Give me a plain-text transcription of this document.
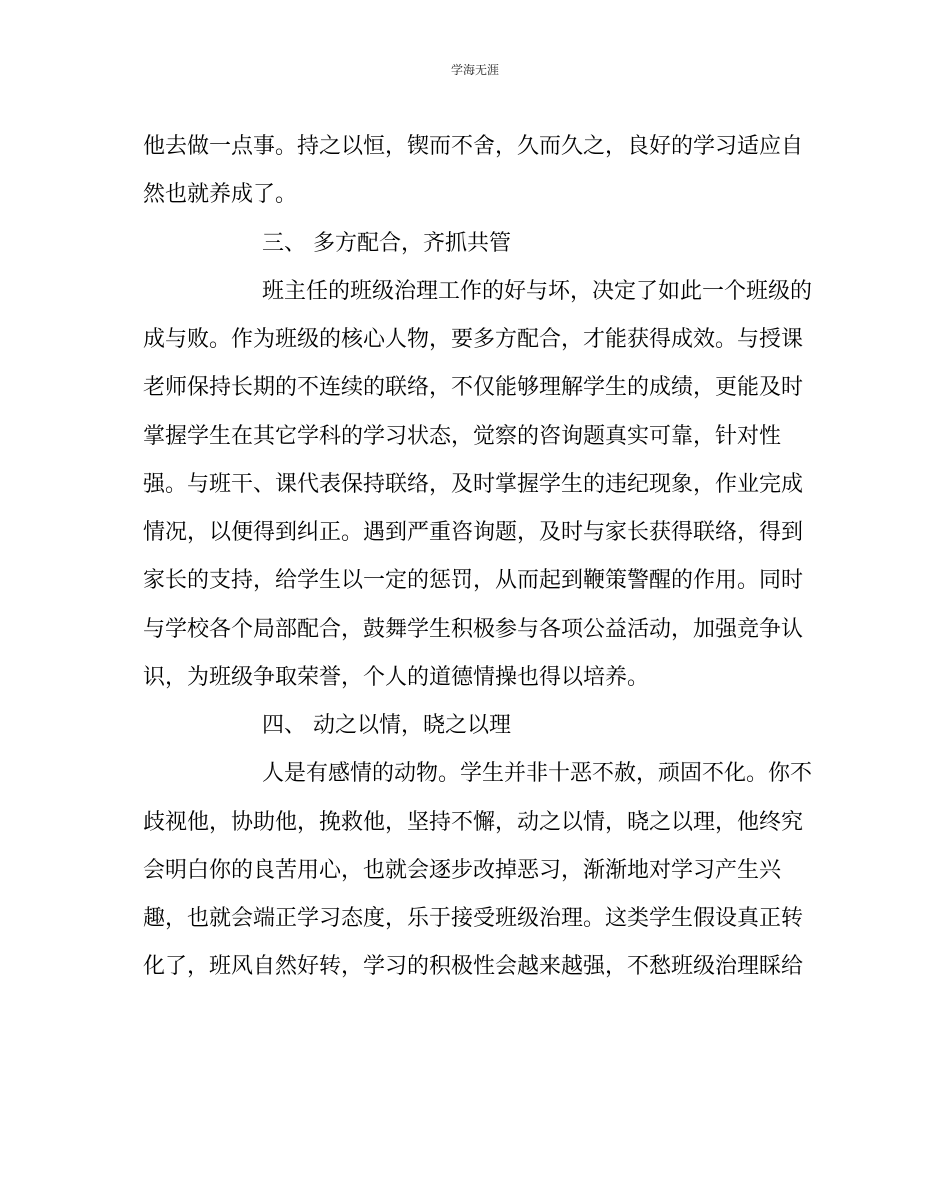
学海无涯
他去做一点事。持之以恒，锲而不舍，久而久之，良好的学习适应自
然也就养成了。
三、 多方配合，齐抓共管
班主任的班级治理工作的好与坏，决定了如此一个班级的
成与败。作为班级的核心人物，要多方配合，才能获得成效。与授课
老师保持长期的不连续的联络，不仅能够理解学生的成绩，更能及时
掌握学生在其它学科的学习状态，觉察的咨询题真实可靠，针对性
强。与班干、课代表保持联络，及时掌握学生的违纪现象，作业完成
情况，以便得到纠正。遇到严重咨询题，及时与家长获得联络，得到
家长的支持，给学生以一定的惩罚，从而起到鞭策警醒的作用。同时
与学校各个局部配合，鼓舞学生积极参与各项公益活动，加强竞争认
识，为班级争取荣誉，个人的道德情操也得以培养。
四、 动之以情，晓之以理
人是有感情的动物。学生并非十恶不赦，顽固不化。你不
歧视他，协助他，挽救他，坚持不懈，动之以情，晓之以理，他终究
会明白你的良苦用心，也就会逐步改掉恶习，渐渐地对学习产生兴
趣，也就会端正学习态度，乐于接受班级治理。这类学生假设真正转
化了，班风自然好转，学习的积极性会越来越强，不愁班级治理睬给
